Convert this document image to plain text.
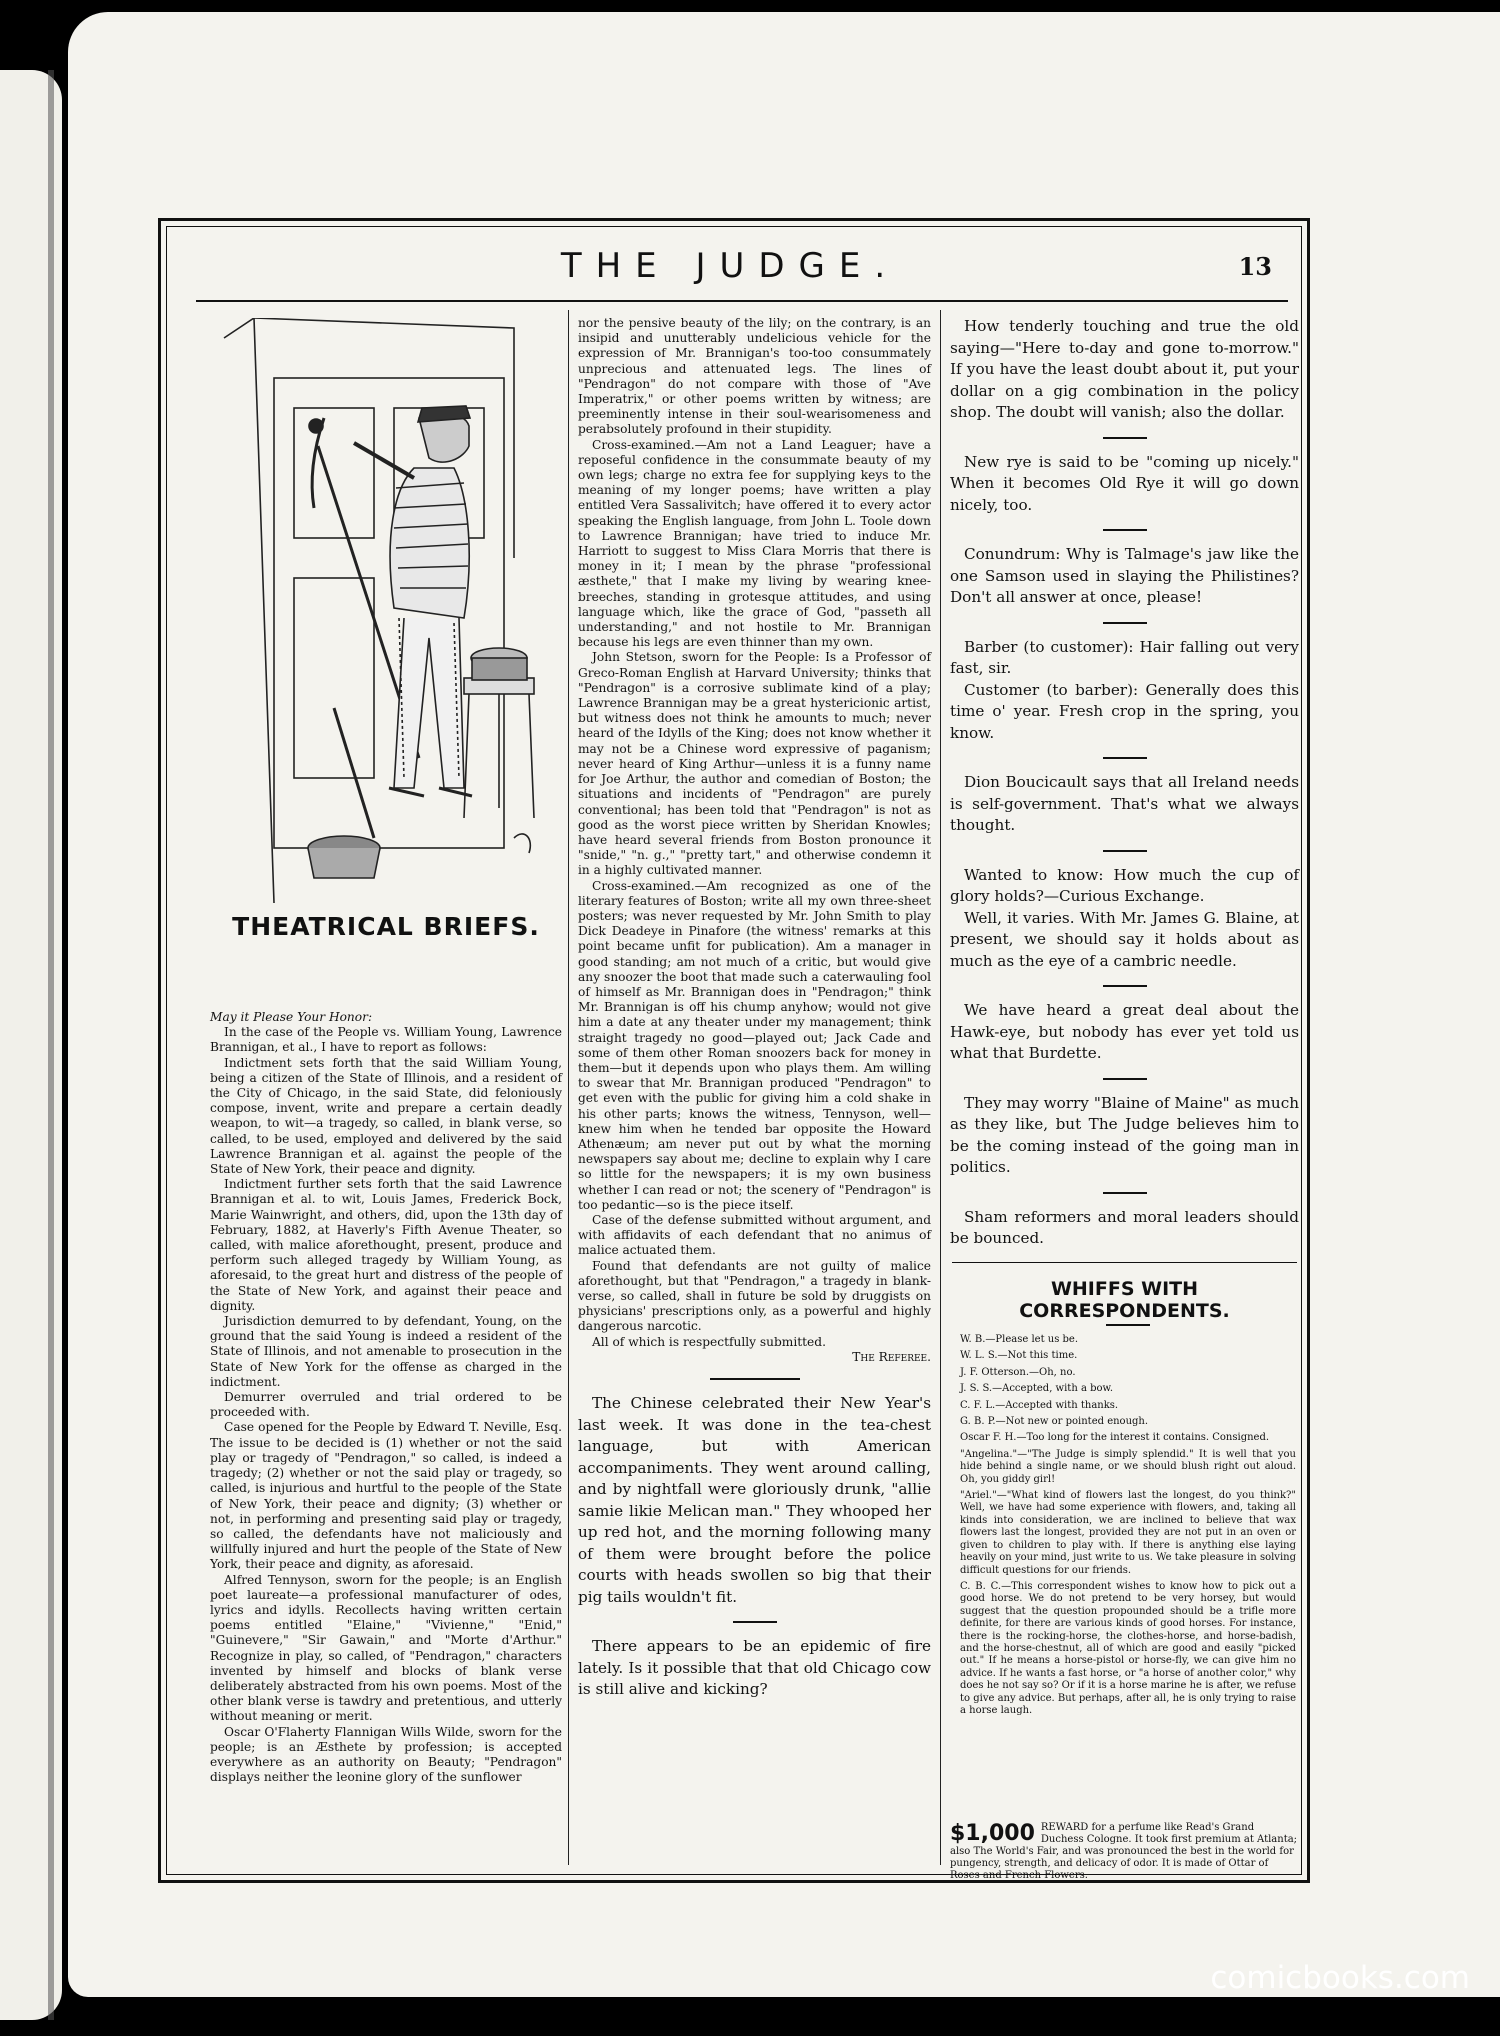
THE JUDGE.	13
THEATRICAL BRIEFS.

May it Please Your Honor:

In the case of the People vs. William Young, Lawrence Brannigan, et al., I have to report as follows:

Indictment sets forth that the said William Young, being a citizen of the State of Illinois, and a resident of the City of Chicago, in the said State, did feloniously compose, invent, write and prepare a certain deadly weapon, to wit—a tragedy, so called, in blank verse, so called, to be used, employed and delivered by the said Lawrence Brannigan et al. against the people of the State of New York, their peace and dignity.

Indictment further sets forth that the said Lawrence Brannigan et al. to wit, Louis James, Frederick Bock, Marie Wainwright, and others, did, upon the 13th day of February, 1882, at Haverly's Fifth Avenue Theater, so called, with malice aforethought, present, produce and perform such alleged tragedy by William Young, as aforesaid, to the great hurt and distress of the people of the State of New York, and against their peace and dignity.

Jurisdiction demurred to by defendant, Young, on the ground that the said Young is indeed a resident of the State of Illinois, and not amenable to prosecution in the State of New York for the offense as charged in the indictment.

Demurrer overruled and trial ordered to be proceeded with.

Case opened for the People by Edward T. Neville, Esq. The issue to be decided is (1) whether or not the said play or tragedy of "Pendragon," so called, is indeed a tragedy; (2) whether or not the said play or tragedy, so called, is injurious and hurtful to the people of the State of New York, their peace and dignity; (3) whether or not, in performing and presenting said play or tragedy, so called, the defendants have not maliciously and willfully injured and hurt the people of the State of New York, their peace and dignity, as aforesaid.

Alfred Tennyson, sworn for the people; is an English poet laureate—a professional manufacturer of odes, lyrics and idylls. Recollects having written certain poems entitled "Elaine," "Vivienne," "Enid," "Guinevere," "Sir Gawain," and "Morte d'Arthur." Recognize in play, so called, of "Pendragon," characters invented by himself and blocks of blank verse deliberately abstracted from his own poems. Most of the other blank verse is tawdry and pretentious, and utterly without meaning or merit.

Oscar O'Flaherty Flannigan Wills Wilde, sworn for the people; is an Æsthete by profession; is accepted everywhere as an authority on Beauty; "Pendragon" displays neither the leonine glory of the sunflower

nor the pensive beauty of the lily; on the contrary, is an insipid and unutterably undelicious vehicle for the expression of Mr. Brannigan's too-too consummately unprecious and attenuated legs. The lines of "Pendragon" do not compare with those of "Ave Imperatrix," or other poems written by witness; are preeminently intense in their soul-wearisomeness and perabsolutely profound in their stupidity.

Cross-examined.—Am not a Land Leaguer; have a reposeful confidence in the consummate beauty of my own legs; charge no extra fee for supplying keys to the meaning of my longer poems; have written a play entitled Vera Sassalivitch; have offered it to every actor speaking the English language, from John L. Toole down to Lawrence Brannigan; have tried to induce Mr. Harriott to suggest to Miss Clara Morris that there is money in it; I mean by the phrase "professional æsthete," that I make my living by wearing knee-breeches, standing in grotesque attitudes, and using language which, like the grace of God, "passeth all understanding," and not hostile to Mr. Brannigan because his legs are even thinner than my own.

John Stetson, sworn for the People: Is a Professor of Greco-Roman English at Harvard University; thinks that "Pendragon" is a corrosive sublimate kind of a play; Lawrence Brannigan may be a great hystericionic artist, but witness does not think he amounts to much; never heard of the Idylls of the King; does not know whether it may not be a Chinese word expressive of paganism; never heard of King Arthur—unless it is a funny name for Joe Arthur, the author and comedian of Boston; the situations and incidents of "Pendragon" are purely conventional; has been told that "Pendragon" is not as good as the worst piece written by Sheridan Knowles; have heard several friends from Boston pronounce it "snide," "n. g.," "pretty tart," and otherwise condemn it in a highly cultivated manner.

Cross-examined.—Am recognized as one of the literary features of Boston; write all my own three-sheet posters; was never requested by Mr. John Smith to play Dick Deadeye in Pinafore (the witness' remarks at this point became unfit for publication). Am a manager in good standing; am not much of a critic, but would give any snoozer the boot that made such a caterwauling fool of himself as Mr. Brannigan does in "Pendragon;" think Mr. Brannigan is off his chump anyhow; would not give him a date at any theater under my management; think straight tragedy no good—played out; Jack Cade and some of them other Roman snoozers back for money in them—but it depends upon who plays them. Am willing to swear that Mr. Brannigan produced "Pendragon" to get even with the public for giving him a cold shake in his other parts; knows the witness, Tennyson, well—knew him when he tended bar opposite the Howard Athenæum; am never put out by what the morning newspapers say about me; decline to explain why I care so little for the newspapers; it is my own business whether I can read or not; the scenery of "Pendragon" is too pedantic—so is the piece itself.

Case of the defense submitted without argument, and with affidavits of each defendant that no animus of malice actuated them.

Found that defendants are not guilty of malice aforethought, but that "Pendragon," a tragedy in blank-verse, so called, shall in future be sold by druggists on physicians' prescriptions only, as a powerful and highly dangerous narcotic.

All of which is respectfully submitted.

The Referee.

The Chinese celebrated their New Year's last week. It was done in the tea-chest language, but with American accompaniments. They went around calling, and by nightfall were gloriously drunk, "allie samie likie Melican man." They whooped her up red hot, and the morning following many of them were brought before the police courts with heads swollen so big that their pig tails wouldn't fit.

There appears to be an epidemic of fire lately. Is it possible that that old Chicago cow is still alive and kicking?

How tenderly touching and true the old saying—"Here to-day and gone to-morrow." If you have the least doubt about it, put your dollar on a gig combination in the policy shop. The doubt will vanish; also the dollar.

New rye is said to be "coming up nicely." When it becomes Old Rye it will go down nicely, too.

Conundrum: Why is Talmage's jaw like the one Samson used in slaying the Philistines? Don't all answer at once, please!

Barber (to customer): Hair falling out very fast, sir.

Customer (to barber): Generally does this time o' year. Fresh crop in the spring, you know.

Dion Boucicault says that all Ireland needs is self-government. That's what we always thought.

Wanted to know: How much the cup of glory holds?—Curious Exchange.

Well, it varies. With Mr. James G. Blaine, at present, we should say it holds about as much as the eye of a cambric needle.

We have heard a great deal about the Hawk-eye, but nobody has ever yet told us what that Burdette.

They may worry "Blaine of Maine" as much as they like, but The Judge believes him to be the coming instead of the going man in politics.

Sham reformers and moral leaders should be bounced.

WHIFFS WITH CORRESPONDENTS.

W. B.—Please let us be.

W. L. S.—Not this time.

J. F. Otterson.—Oh, no.

J. S. S.—Accepted, with a bow.

C. F. L.—Accepted with thanks.

G. B. P.—Not new or pointed enough.

Oscar F. H.—Too long for the interest it contains. Consigned.

"Angelina."—"The Judge is simply splendid." It is well that you hide behind a single name, or we should blush right out aloud. Oh, you giddy girl!

"Ariel."—"What kind of flowers last the longest, do you think?" Well, we have had some experience with flowers, and, taking all kinds into consideration, we are inclined to believe that wax flowers last the longest, provided they are not put in an oven or given to children to play with. If there is anything else laying heavily on your mind, just write to us. We take pleasure in solving difficult questions for our friends.

C. B. C.—This correspondent wishes to know how to pick out a good horse. We do not pretend to be very horsey, but would suggest that the question propounded should be a trifle more definite, for there are various kinds of good horses. For instance, there is the rocking-horse, the clothes-horse, and horse-badish, and the horse-chestnut, all of which are good and easily "picked out." If he means a horse-pistol or horse-fly, we can give him no advice. If he wants a fast horse, or "a horse of another color," why does he not say so? Or if it is a horse marine he is after, we refuse to give any advice. But perhaps, after all, he is only trying to raise a horse laugh.

$1,000 REWARD for a perfume like Read's Grand Duchess Cologne. It took first premium at Atlanta; also The World's Fair, and was pronounced the best in the world for pungency, strength, and delicacy of odor. It is made of Ottar of Roses and French Flowers.
comicbooks.com
